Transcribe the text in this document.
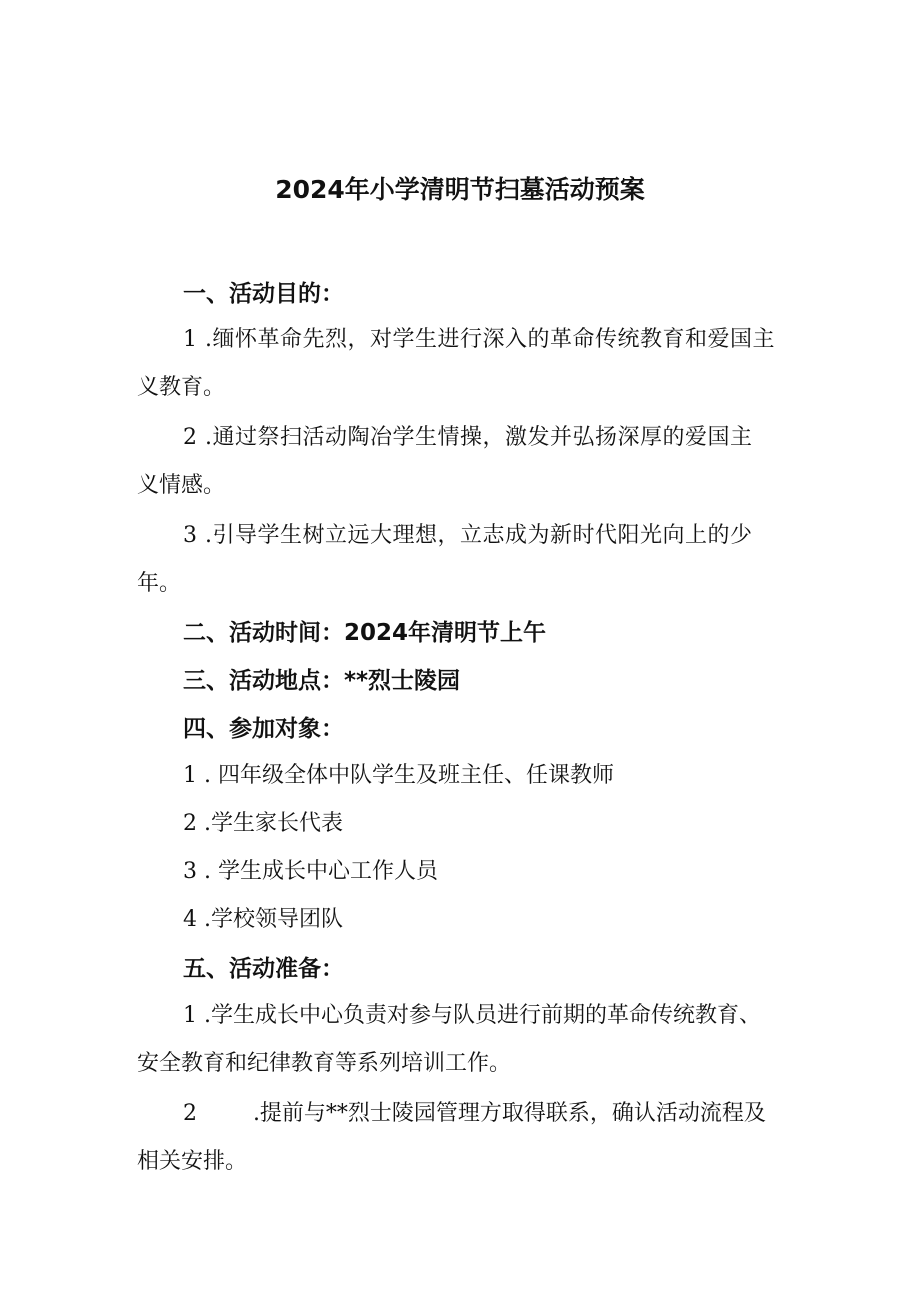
2024年小学清明节扫墓活动预案
一、活动目的：
1 .缅怀革命先烈，对学生进行深入的革命传统教育和爱国主
义教育。
2 .通过祭扫活动陶冶学生情操，激发并弘扬深厚的爱国主
义情感。
3 .引导学生树立远大理想，立志成为新时代阳光向上的少
年。
二、活动时间：2024年清明节上午
三、活动地点：**烈士陵园
四、参加对象：
1 . 四年级全体中队学生及班主任、任课教师
2 .学生家长代表
3 . 学生成长中心工作人员
4 .学校领导团队
五、活动准备：
1 .学生成长中心负责对参与队员进行前期的革命传统教育、
安全教育和纪律教育等系列培训工作。
2        .提前与**烈士陵园管理方取得联系，确认活动流程及
相关安排。
